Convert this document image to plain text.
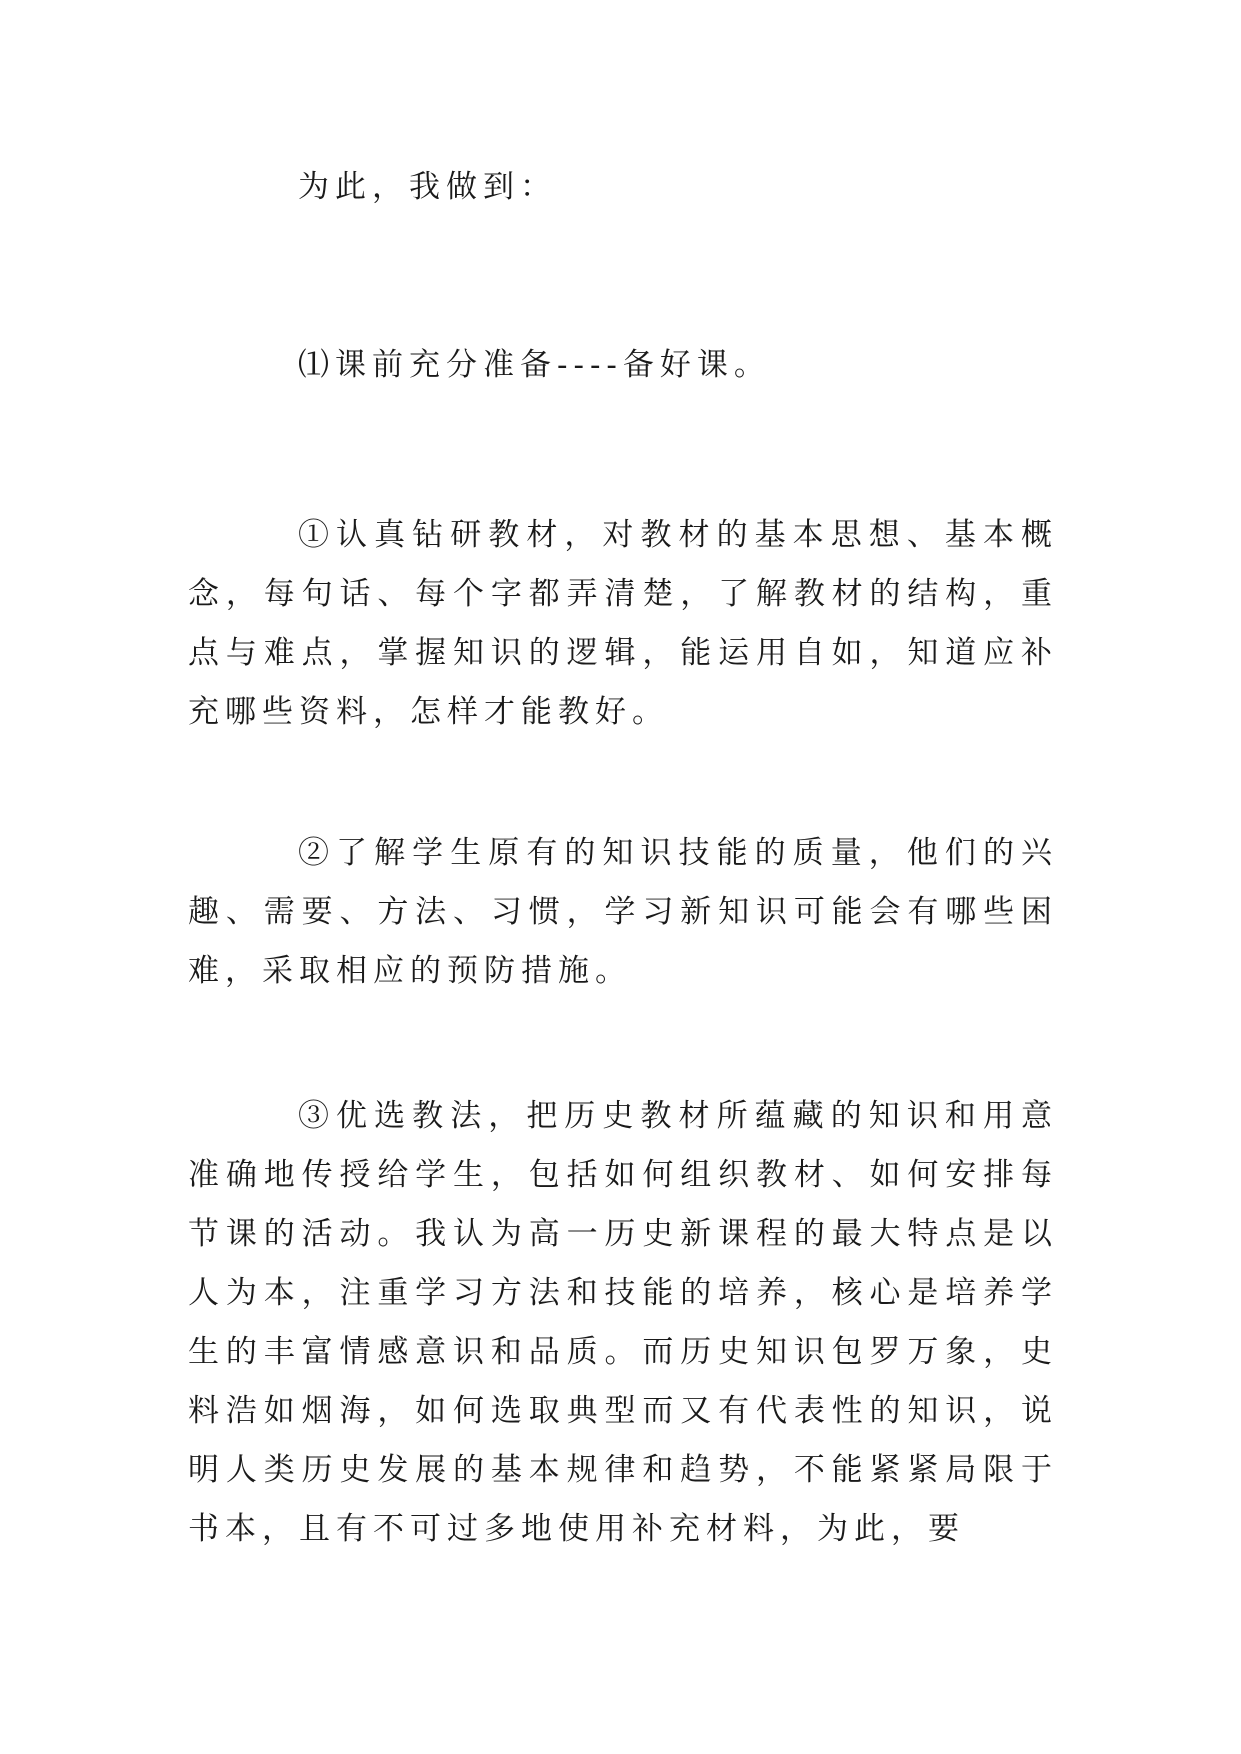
为此，我做到：

⑴课前充分准备----备好课。

①认真钻研教材，对教材的基本思想、基本概念，每句话、每个字都弄清楚，了解教材的结构，重点与难点，掌握知识的逻辑，能运用自如，知道应补充哪些资料，怎样才能教好。

②了解学生原有的知识技能的质量，他们的兴趣、需要、方法、习惯，学习新知识可能会有哪些困难，采取相应的预防措施。

③优选教法，把历史教材所蕴藏的知识和用意准确地传授给学生，包括如何组织教材、如何安排每节课的活动。我认为高一历史新课程的最大特点是以人为本，注重学习方法和技能的培养，核心是培养学生的丰富情感意识和品质。而历史知识包罗万象，史料浩如烟海，如何选取典型而又有代表性的知识，说明人类历史发展的基本规律和趋势，不能紧紧局限于书本，且有不可过多地使用补充材料，为此，要
